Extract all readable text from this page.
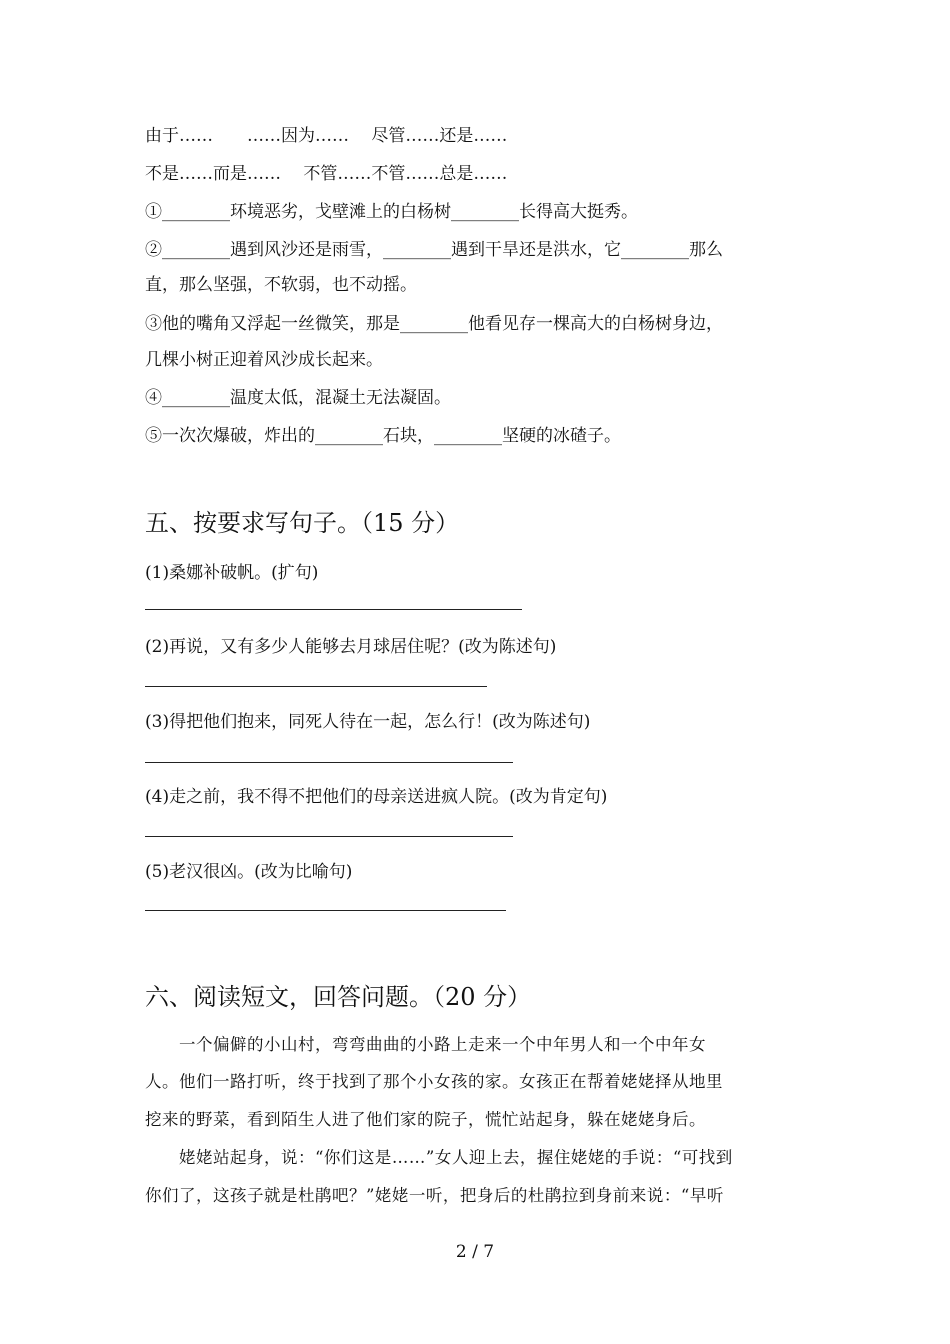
由于……　　……因为……　 尽管……还是……
不是……而是……　 不管……不管……总是……
①________环境恶劣，戈壁滩上的白杨树________长得高大挺秀。
②________遇到风沙还是雨雪，________遇到干旱还是洪水，它________那么
直，那么坚强，不软弱，也不动摇。
③他的嘴角又浮起一丝微笑，那是________他看见存一棵高大的白杨树身边，
几棵小树正迎着风沙成长起来。
④________温度太低，混凝土无法凝固。
⑤一次次爆破，炸出的________石块，________坚硬的冰碴子。
五、按要求写句子。（15 分）
(1)桑娜补破帆。(扩句)
(2)再说，又有多少人能够去月球居住呢？(改为陈述句)
(3)得把他们抱来，同死人待在一起，怎么行！(改为陈述句)
(4)走之前，我不得不把他们的母亲送进疯人院。(改为肯定句)
(5)老汉很凶。(改为比喻句)
六、阅读短文，回答问题。（20 分）
　　一个偏僻的小山村，弯弯曲曲的小路上走来一个中年男人和一个中年女
人。他们一路打听，终于找到了那个小女孩的家。女孩正在帮着姥姥择从地里
挖来的野菜，看到陌生人进了他们家的院子，慌忙站起身，躲在姥姥身后。
　　姥姥站起身，说：“你们这是……”女人迎上去，握住姥姥的手说：“可找到
你们了，这孩子就是杜鹃吧？”姥姥一听，把身后的杜鹃拉到身前来说：“早听
2 / 7
